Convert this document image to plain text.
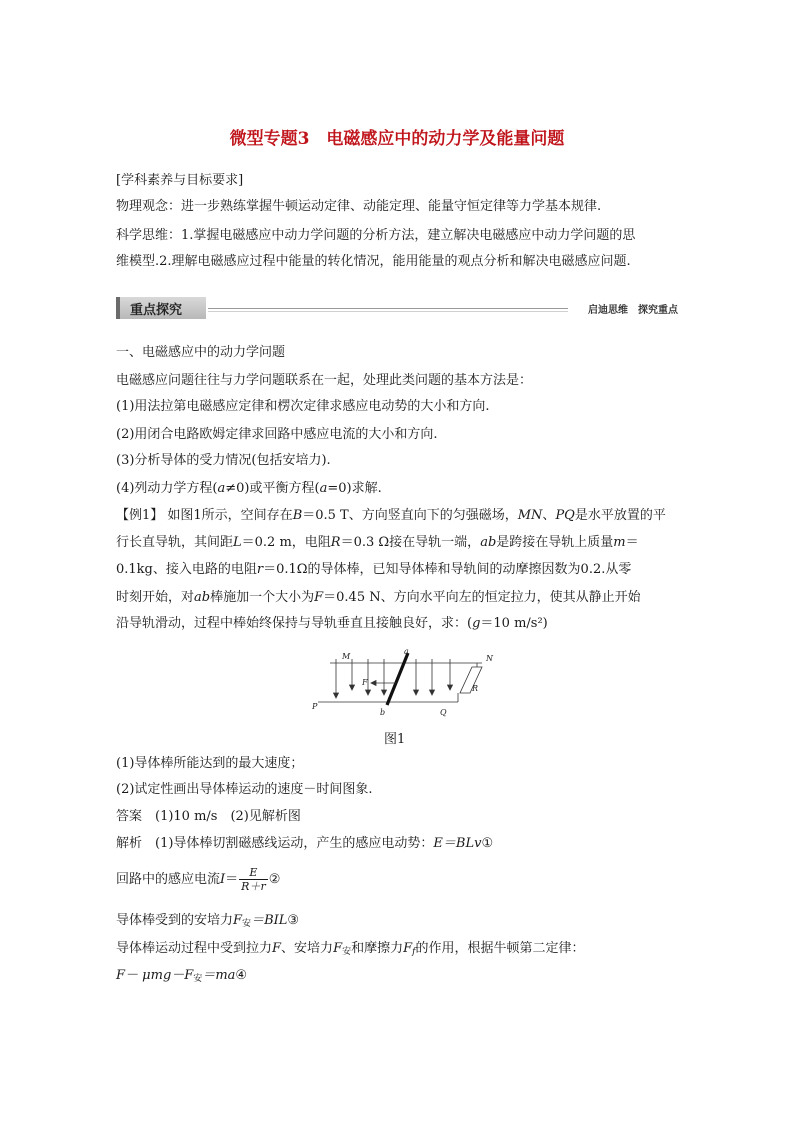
微型专题3　电磁感应中的动力学及能量问题
[学科素养与目标要求]
物理观念：进一步熟练掌握牛顿运动定律、动能定理、能量守恒定律等力学基本规律.
科学思维：1.掌握电磁感应中动力学问题的分析方法，建立解决电磁感应中动力学问题的思
维模型.2.理解电磁感应过程中能量的转化情况，能用能量的观点分析和解决电磁感应问题.
重点探究	启迪思维　探究重点
一、电磁感应中的动力学问题
电磁感应问题往往与力学问题联系在一起，处理此类问题的基本方法是：
(1)用法拉第电磁感应定律和楞次定律求感应电动势的大小和方向.
(2)用闭合电路欧姆定律求回路中感应电流的大小和方向.
(3)分析导体的受力情况(包括安培力).
(4)列动力学方程(a≠0)或平衡方程(a=0)求解.
【例1】 如图1所示，空间存在B＝0.5 T、方向竖直向下的匀强磁场，MN、PQ是水平放置的平
行长直导轨，其间距L＝0.2 m，电阻R＝0.3 Ω接在导轨一端，ab是跨接在导轨上质量m＝
0.1kg、接入电路的电阻r＝0.1Ω的导体棒，已知导体棒和导轨间的动摩擦因数为0.2.从零
时刻开始，对ab棒施加一个大小为F＝0.45 N、方向水平向左的恒定拉力，使其从静止开始
沿导轨滑动，过程中棒始终保持与导轨垂直且接触良好，求：(g＝10 m/s²)
M	N
P
Q
a
b
F
R
图1
(1)导体棒所能达到的最大速度；
(2)试定性画出导体棒运动的速度－时间图象.
答案　(1)10 m/s　(2)见解析图
解析　(1)导体棒切割磁感线运动，产生的感应电动势：E＝BLv①
回路中的感应电流$I= \frac{E}{R+r}$ ②
导体棒受到的安培力$F_安=BIL③$
导体棒运动过程中受到拉力F、安培力$F_安$和摩擦力$F_f$的作用，根据牛顿第二定律：
$F- \mu mg-F_安=ma④$
